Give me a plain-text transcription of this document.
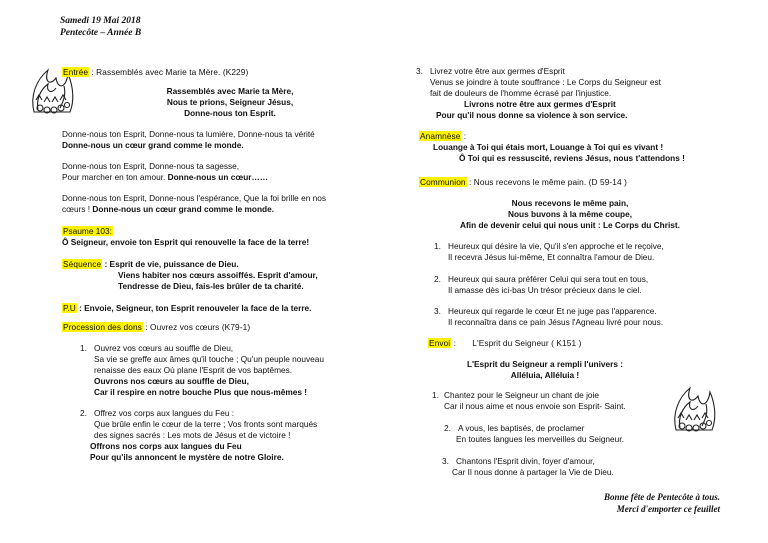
Samedi 19 Mai 2018
Pentecôte – Année B
Entrée : Rassemblés avec Marie ta Mère. (K229)

Rassemblés avec Marie ta Mère,

Nous te prions, Seigneur Jésus,

Donne-nous ton Esprit.

Donne-nous ton Esprit, Donne-nous ta lumière, Donne-nous ta vérité

Donne-nous un cœur grand comme le monde.

Donne-nous ton Esprit, Donne-nous ta sagesse,

Pour marcher en ton amour. Donne-nous un cœur……

Donne-nous ton Esprit, Donne-nous l'espérance, Que la foi brille en nos

cœurs ! Donne-nous un cœur grand comme le monde.

Psaume 103:

Ô Seigneur, envoie ton Esprit qui renouvelle la face de la terre!

Séquence : Esprit de vie, puissance de Dieu.

Viens habiter nos cœurs assoiffés. Esprit d'amour,

Tendresse de Dieu, fais-les brûler de ta charité.

P.U : Envoie, Seigneur, ton Esprit renouveler la face de la terre.
Procession des dons : Ouvrez vos cœurs (K79-1)

1. Ouvrez vos cœurs au souffle de Dieu,

Sa vie se greffe aux âmes qu'il touche ; Qu'un peuple nouveau

renaisse des eaux Où plane l'Esprit de vos baptêmes.

Ouvrons nos cœurs au souffle de Dieu,

Car il respire en notre bouche Plus que nous-mêmes !

2. Offrez vos corps aux langues du Feu :

Que brûle enfin le cœur de la terre ; Vos fronts sont marqués

des signes sacrés : Les mots de Jésus et de victoire !

Offrons nos corps aux langues du Feu

Pour qu'ils annoncent le mystère de notre Gloire.

3. Livrez votre être aux germes d'Esprit

Venus se joindre à toute souffrance : Le Corps du Seigneur est

fait de douleurs de l'homme écrasé par l'injustice.

Livrons notre être aux germes d'Esprit

Pour qu'il nous donne sa violence à son service.

Anamnèse :

Louange à Toi qui étais mort, Louange à Toi qui es vivant !

Ô Toi qui es ressuscité, reviens Jésus, nous t'attendons !

Communion : Nous recevons le même pain. (D 59-14 )

Nous recevons le même pain,

Nous buvons à la même coupe,

Afin de devenir celui qui nous unit : Le Corps du Christ.

1. Heureux qui désire la vie, Qu'il s'en approche et le reçoive,

Il recevra Jésus lui-même, Et connaîtra l'amour de Dieu.

2. Heureux qui saura préférer Celui qui sera tout en tous,

Il amasse dès ici-bas Un trésor précieux dans le ciel.

3. Heureux qui regarde le cœur Et ne juge pas l'apparence.

Il reconnaîtra dans ce pain Jésus l'Agneau livré pour nous.

Envoi : L'Esprit du Seigneur ( K151 )

L'Esprit du Seigneur a rempli l'univers :

Alléluia, Alléluia !

1. Chantez pour le Seigneur un chant de joie

Car il nous aime et nous envoie son Esprit- Saint.

2. A vous, les baptisés, de proclamer

En toutes langues les merveilles du Seigneur.

3. Chantons l'Esprit divin, foyer d'amour,

Car Il nous donne à partager la Vie de Dieu.

Bonne fête de Pentecôte à tous.

Merci d'emporter ce feuillet
